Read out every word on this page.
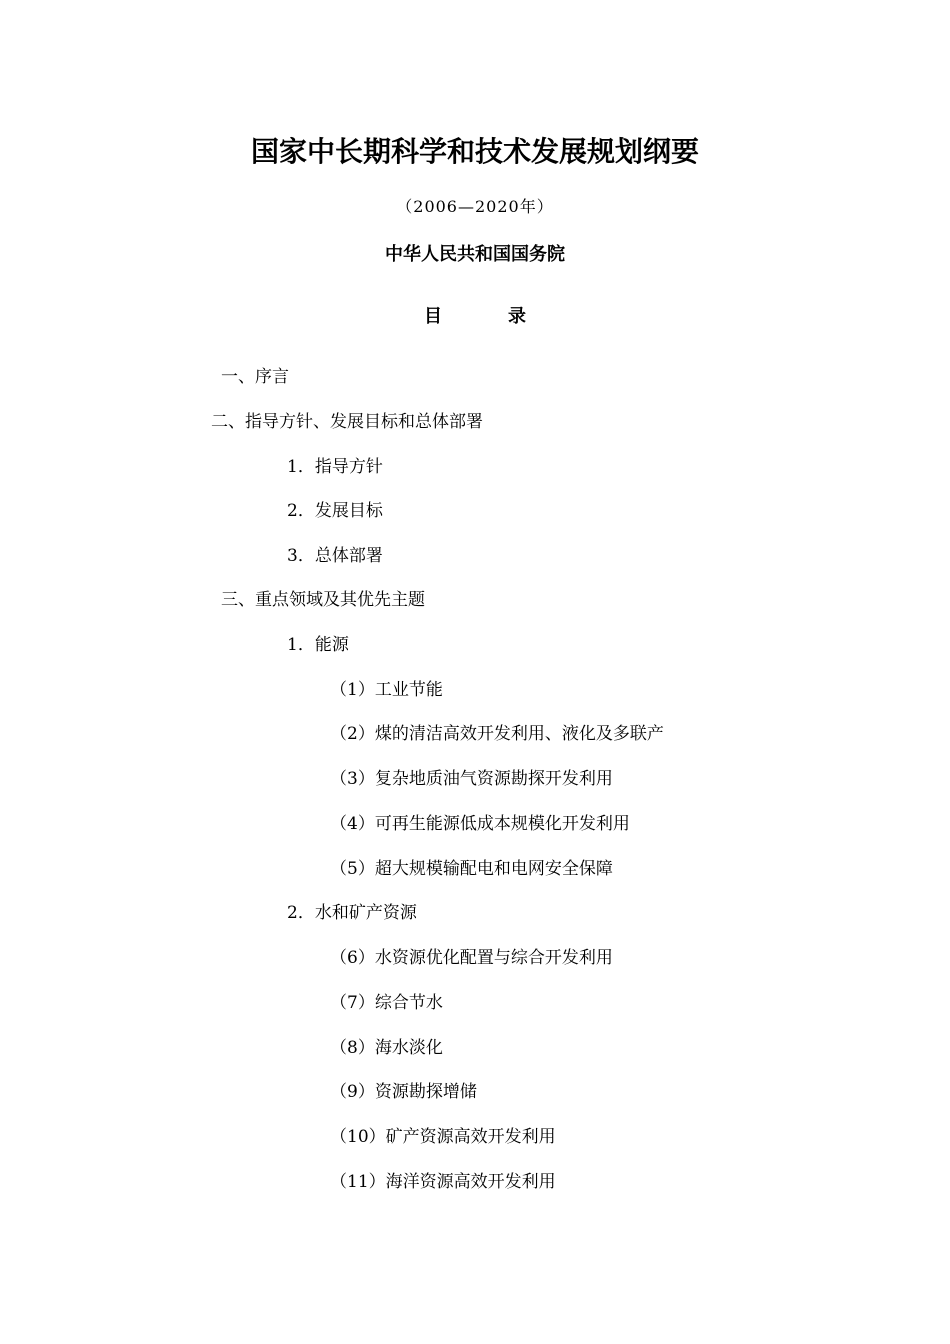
国家中长期科学和技术发展规划纲要
（2006—2020年）
中华人民共和国国务院
目	录
一、序言
二、指导方针、发展目标和总体部署
1．指导方针
2．发展目标
3．总体部署
三、重点领域及其优先主题
1．能源
（1）工业节能
（2）煤的清洁高效开发利用、液化及多联产
（3）复杂地质油气资源勘探开发利用
（4）可再生能源低成本规模化开发利用
（5）超大规模输配电和电网安全保障
2．水和矿产资源
（6）水资源优化配置与综合开发利用
（7）综合节水
（8）海水淡化
（9）资源勘探增储
（10）矿产资源高效开发利用
（11）海洋资源高效开发利用
